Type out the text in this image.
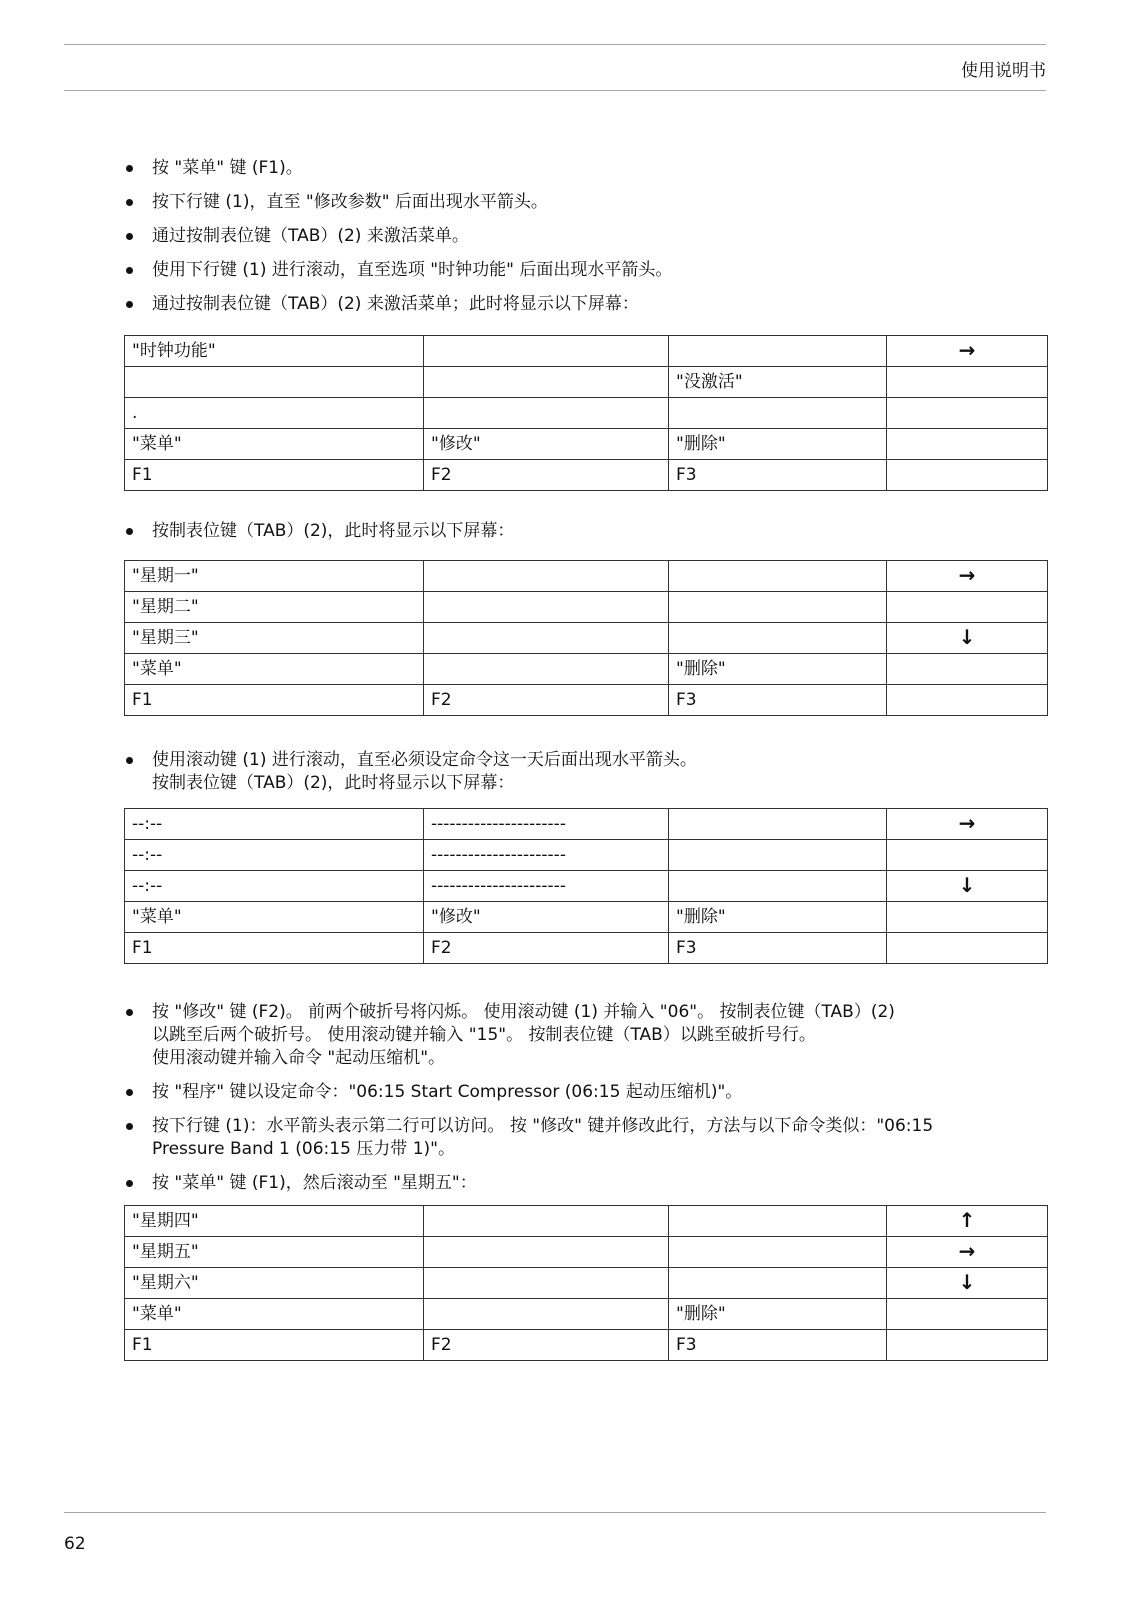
使用说明书
按 "菜单" 键 (F1)。
按下行键 (1)，直至 "修改参数" 后面出现水平箭头。
通过按制表位键（TAB）(2) 来激活菜单。
使用下行键 (1) 进行滚动，直至选项 "时钟功能" 后面出现水平箭头。
通过按制表位键（TAB）(2) 来激活菜单；此时将显示以下屏幕：
"时钟功能"			→
		"没激活"	
.			
"菜单"	"修改"	"删除"	
F1	F2	F3	
按制表位键（TAB）(2)，此时将显示以下屏幕：
"星期一"			→
"星期二"			
"星期三"			↓
"菜单"		"删除"	
F1	F2	F3	
使用滚动键 (1) 进行滚动，直至必须设定命令这一天后面出现水平箭头。
按制表位键（TAB）(2)，此时将显示以下屏幕：
--:--	----------------------		→
--:--	----------------------		
--:--	----------------------		↓
"菜单"	"修改"	"删除"	
F1	F2	F3	
按 "修改" 键 (F2)。 前两个破折号将闪烁。 使用滚动键 (1) 并输入 "06"。 按制表位键（TAB）(2)
以跳至后两个破折号。 使用滚动键并输入 "15"。 按制表位键（TAB）以跳至破折号行。
使用滚动键并输入命令 "起动压缩机"。
按 "程序" 键以设定命令："06:15 Start Compressor (06:15 起动压缩机)"。
按下行键 (1)：水平箭头表示第二行可以访问。 按 "修改" 键并修改此行，方法与以下命令类似："06:15
Pressure Band 1 (06:15 压力带 1)"。
按 "菜单" 键 (F1)，然后滚动至 "星期五"：
"星期四"			↑
"星期五"			→
"星期六"			↓
"菜单"		"删除"	
F1	F2	F3	
62
